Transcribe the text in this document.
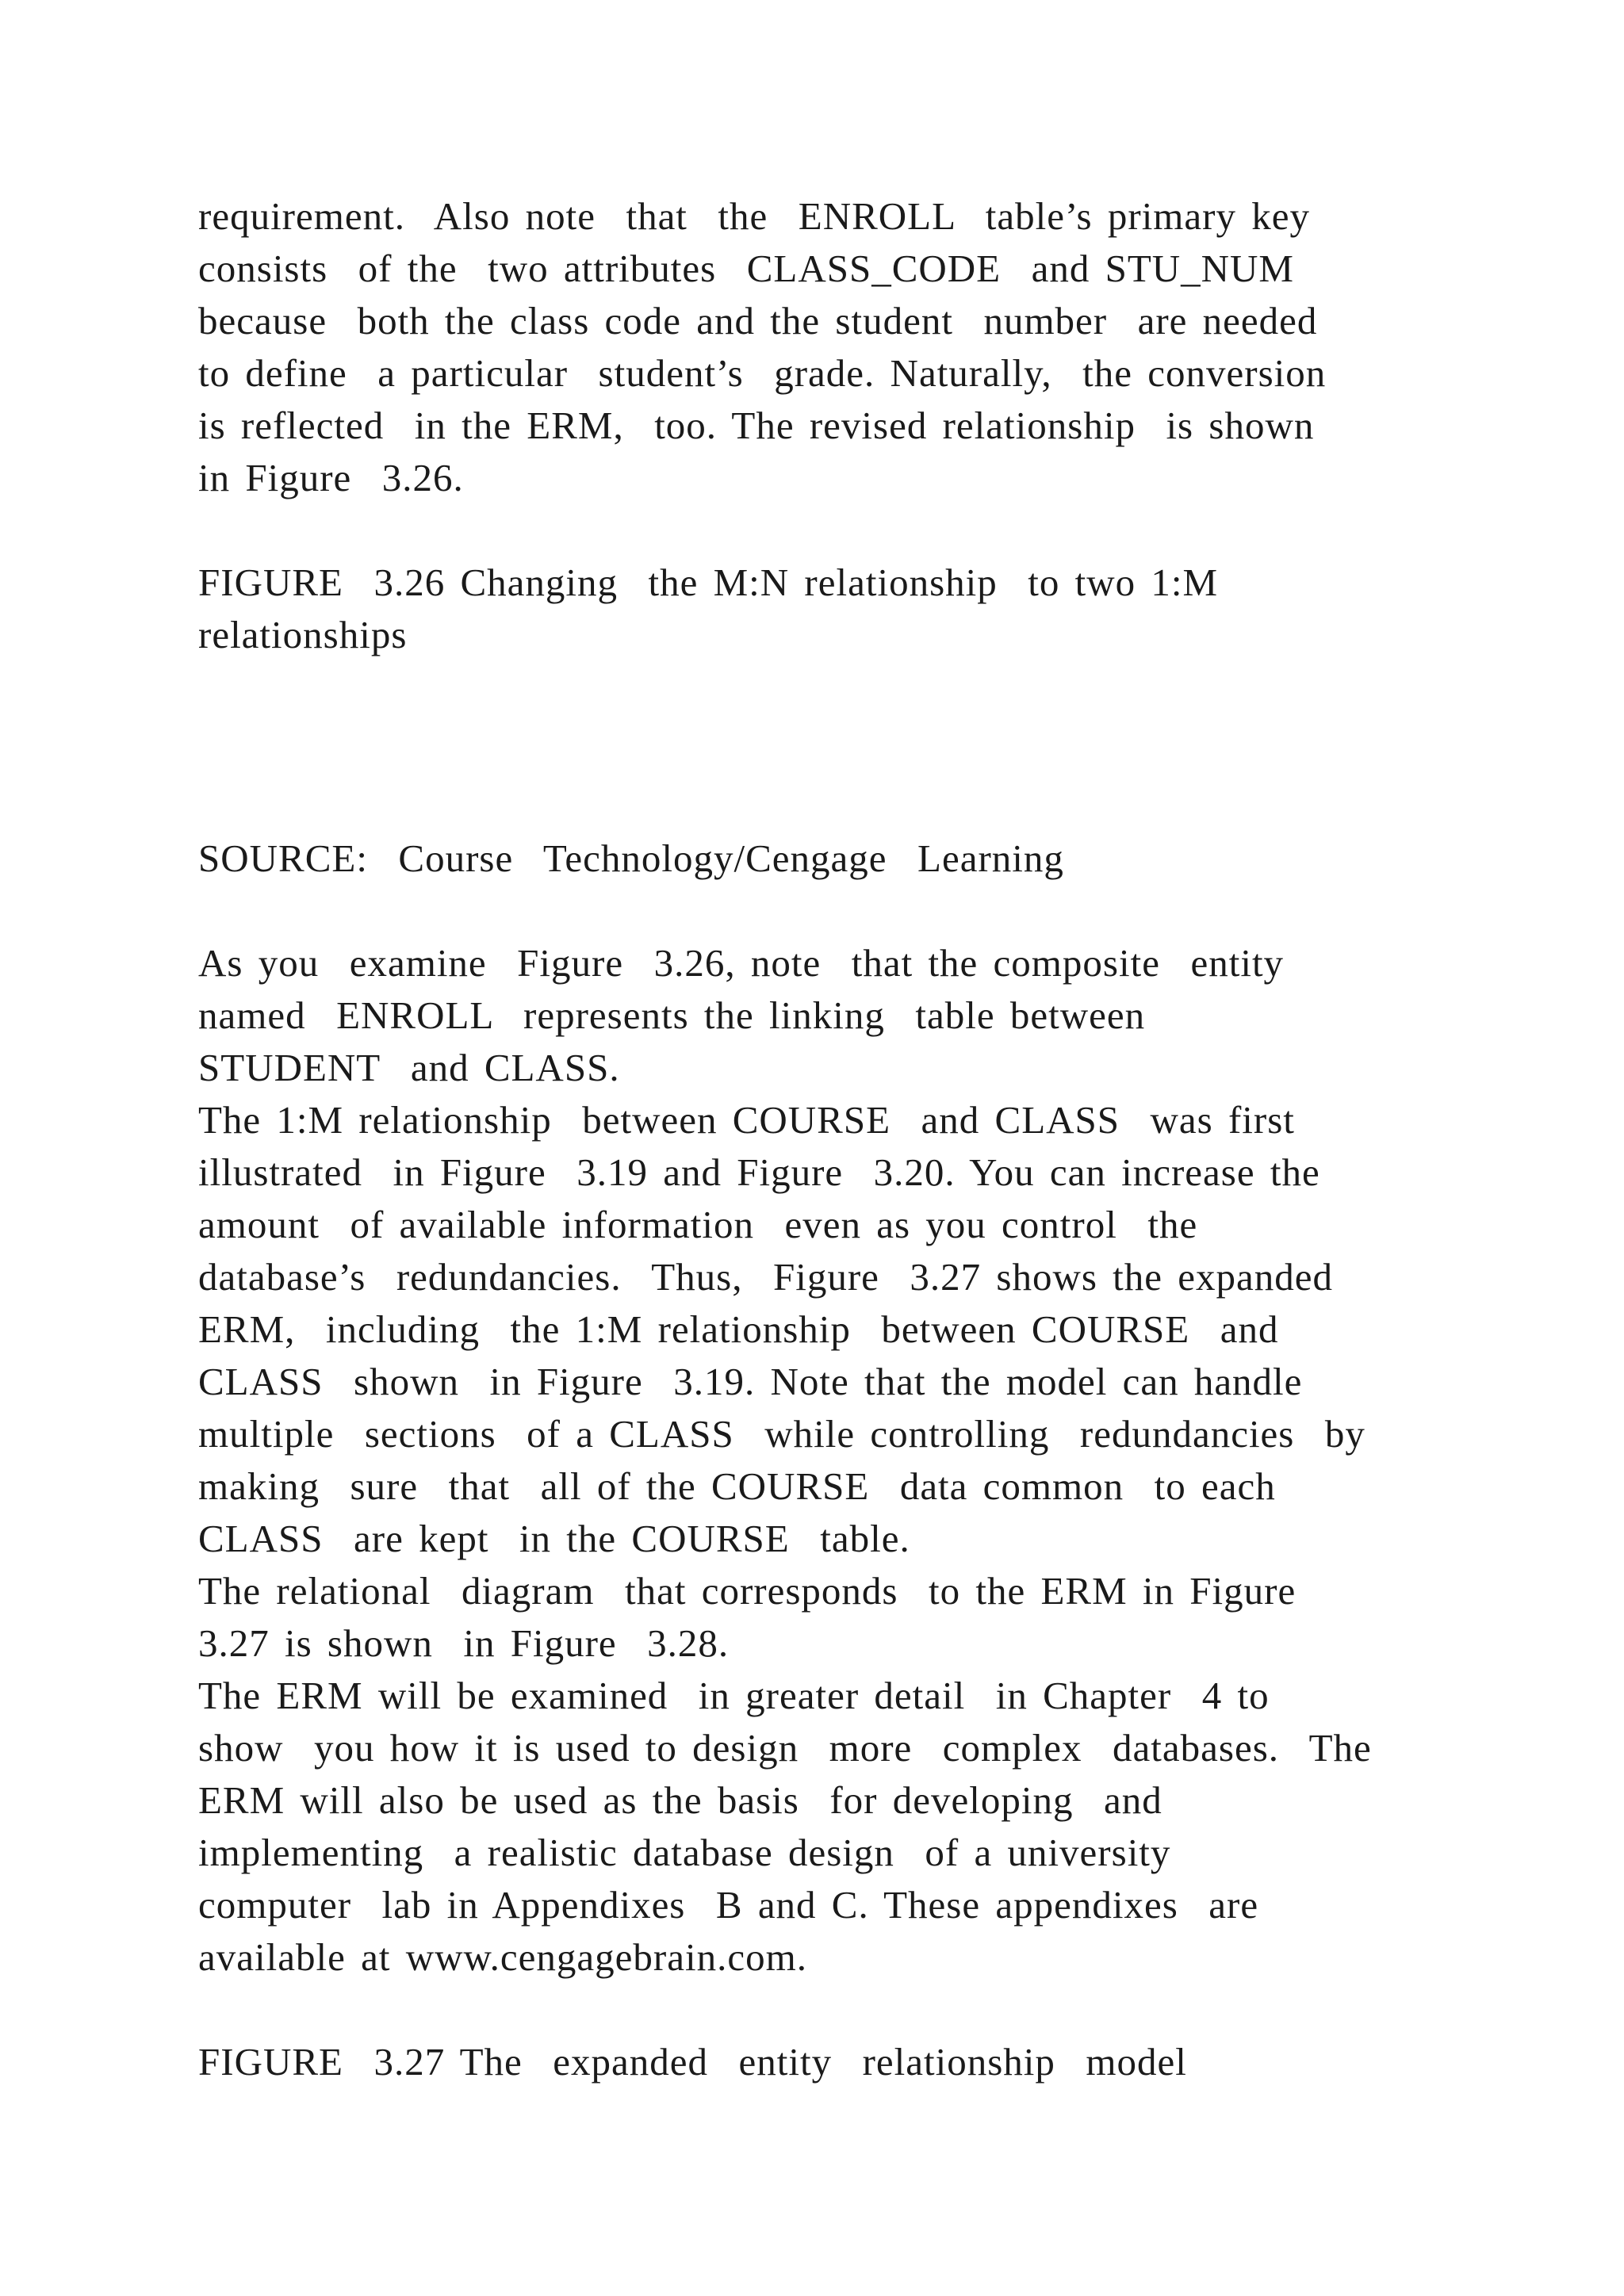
requirement.  Also note  that  the  ENROLL  table’s primary key
consists  of the  two attributes  CLASS_CODE  and STU_NUM
because  both the class code and the student  number  are needed
to define  a particular  student’s  grade. Naturally,  the conversion
is reflected  in the ERM,  too. The revised relationship  is shown
in Figure  3.26.
FIGURE  3.26 Changing  the M:N relationship  to two 1:M
relationships
SOURCE:  Course  Technology/Cengage  Learning
As you  examine  Figure  3.26, note  that the composite  entity
named  ENROLL  represents the linking  table between
STUDENT  and CLASS.
The 1:M relationship  between COURSE  and CLASS  was first
illustrated  in Figure  3.19 and Figure  3.20. You can increase the
amount  of available information  even as you control  the
database’s  redundancies.  Thus,  Figure  3.27 shows the expanded
ERM,  including  the 1:M relationship  between COURSE  and
CLASS  shown  in Figure  3.19. Note that the model can handle
multiple  sections  of a CLASS  while controlling  redundancies  by
making  sure  that  all of the COURSE  data common  to each
CLASS  are kept  in the COURSE  table.
The relational  diagram  that corresponds  to the ERM in Figure
3.27 is shown  in Figure  3.28.
The ERM will be examined  in greater detail  in Chapter  4 to
show  you how it is used to design  more  complex  databases.  The
ERM will also be used as the basis  for developing  and
implementing  a realistic database design  of a university
computer  lab in Appendixes  B and C. These appendixes  are
available at www.cengagebrain.com.
FIGURE  3.27 The  expanded  entity  relationship  model
